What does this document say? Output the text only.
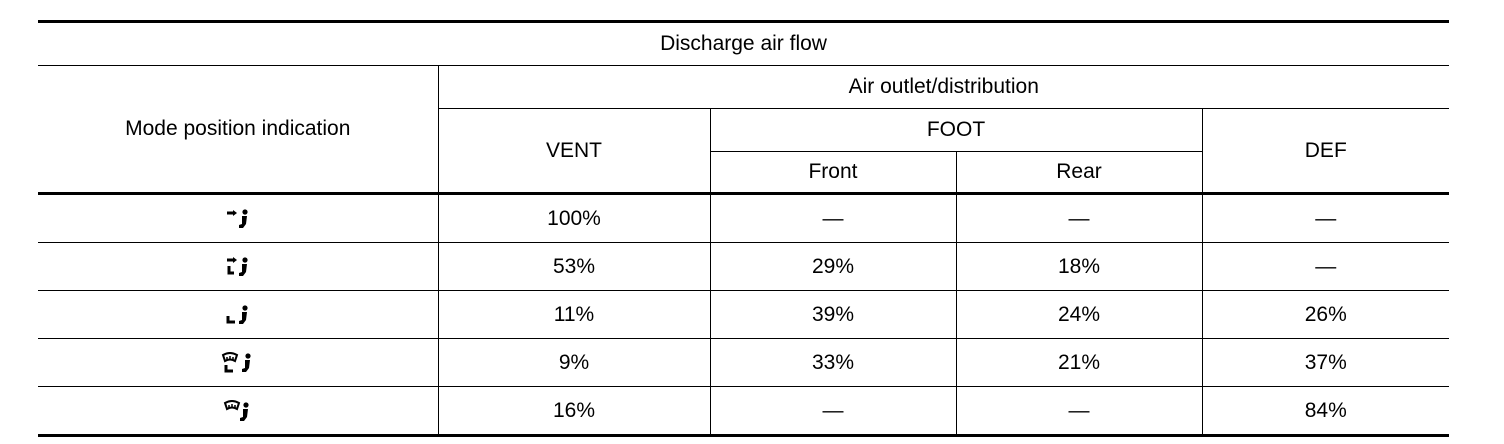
Discharge air flow				
Mode position indication	Air outlet/distribution			
	VENT	FOOT		DEF
		Front	Rear	
	100%	—	—	—
	53%	29%	18%	—
	11%	39%	24%	26%
	9%	33%	21%	37%
	16%	—	—	84%
